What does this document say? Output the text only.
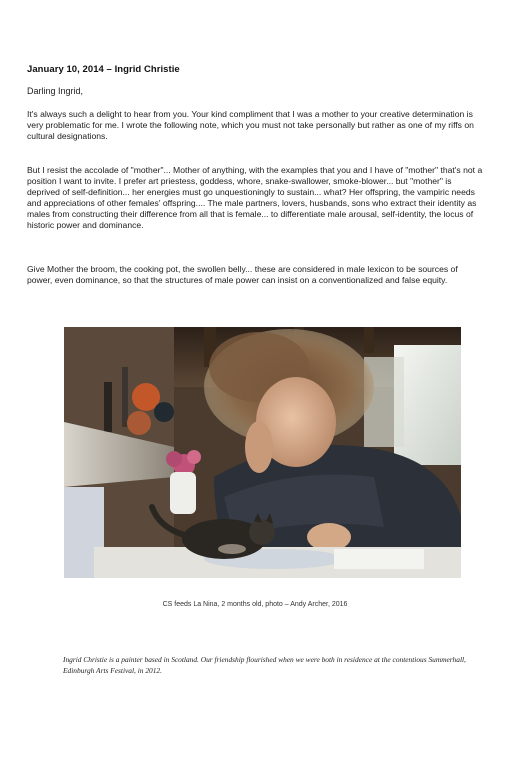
January 10, 2014 – Ingrid Christie
Darling Ingrid,

It's always such a delight to hear from you. Your kind compliment that I was a mother to your creative determination is very problematic for me. I wrote the following note, which you must not take personally but rather as one of my riffs on cultural designations.

But I resist the accolade of "mother"... Mother of anything, with the examples that you and I have of "mother" that's not a position I want to invite. I prefer art priestess, goddess, whore, snake-swallower, smoke-blower... but "mother" is deprived of self-definition... her energies must go unquestioningly to sustain... what? Her offspring, the vampiric needs and appreciations of other females' offspring.... The male partners, lovers, husbands, sons who extract their identity as males from constructing their difference from all that is female... to differentiate male arousal, self-identity, the locus of historic power and dominance.

Give Mother the broom, the cooking pot, the swollen belly... these are considered in male lexicon to be sources of power, even dominance, so that the structures of male power can insist on a conventionalized and false equity.

CS feeds La Nina, 2 months old, photo – Andy Archer, 2016

Ingrid Christie is a painter based in Scotland. Our friendship flourished when we were both in residence at the contentious Summerhall, Edinburgh Arts Festival, in 2012.
